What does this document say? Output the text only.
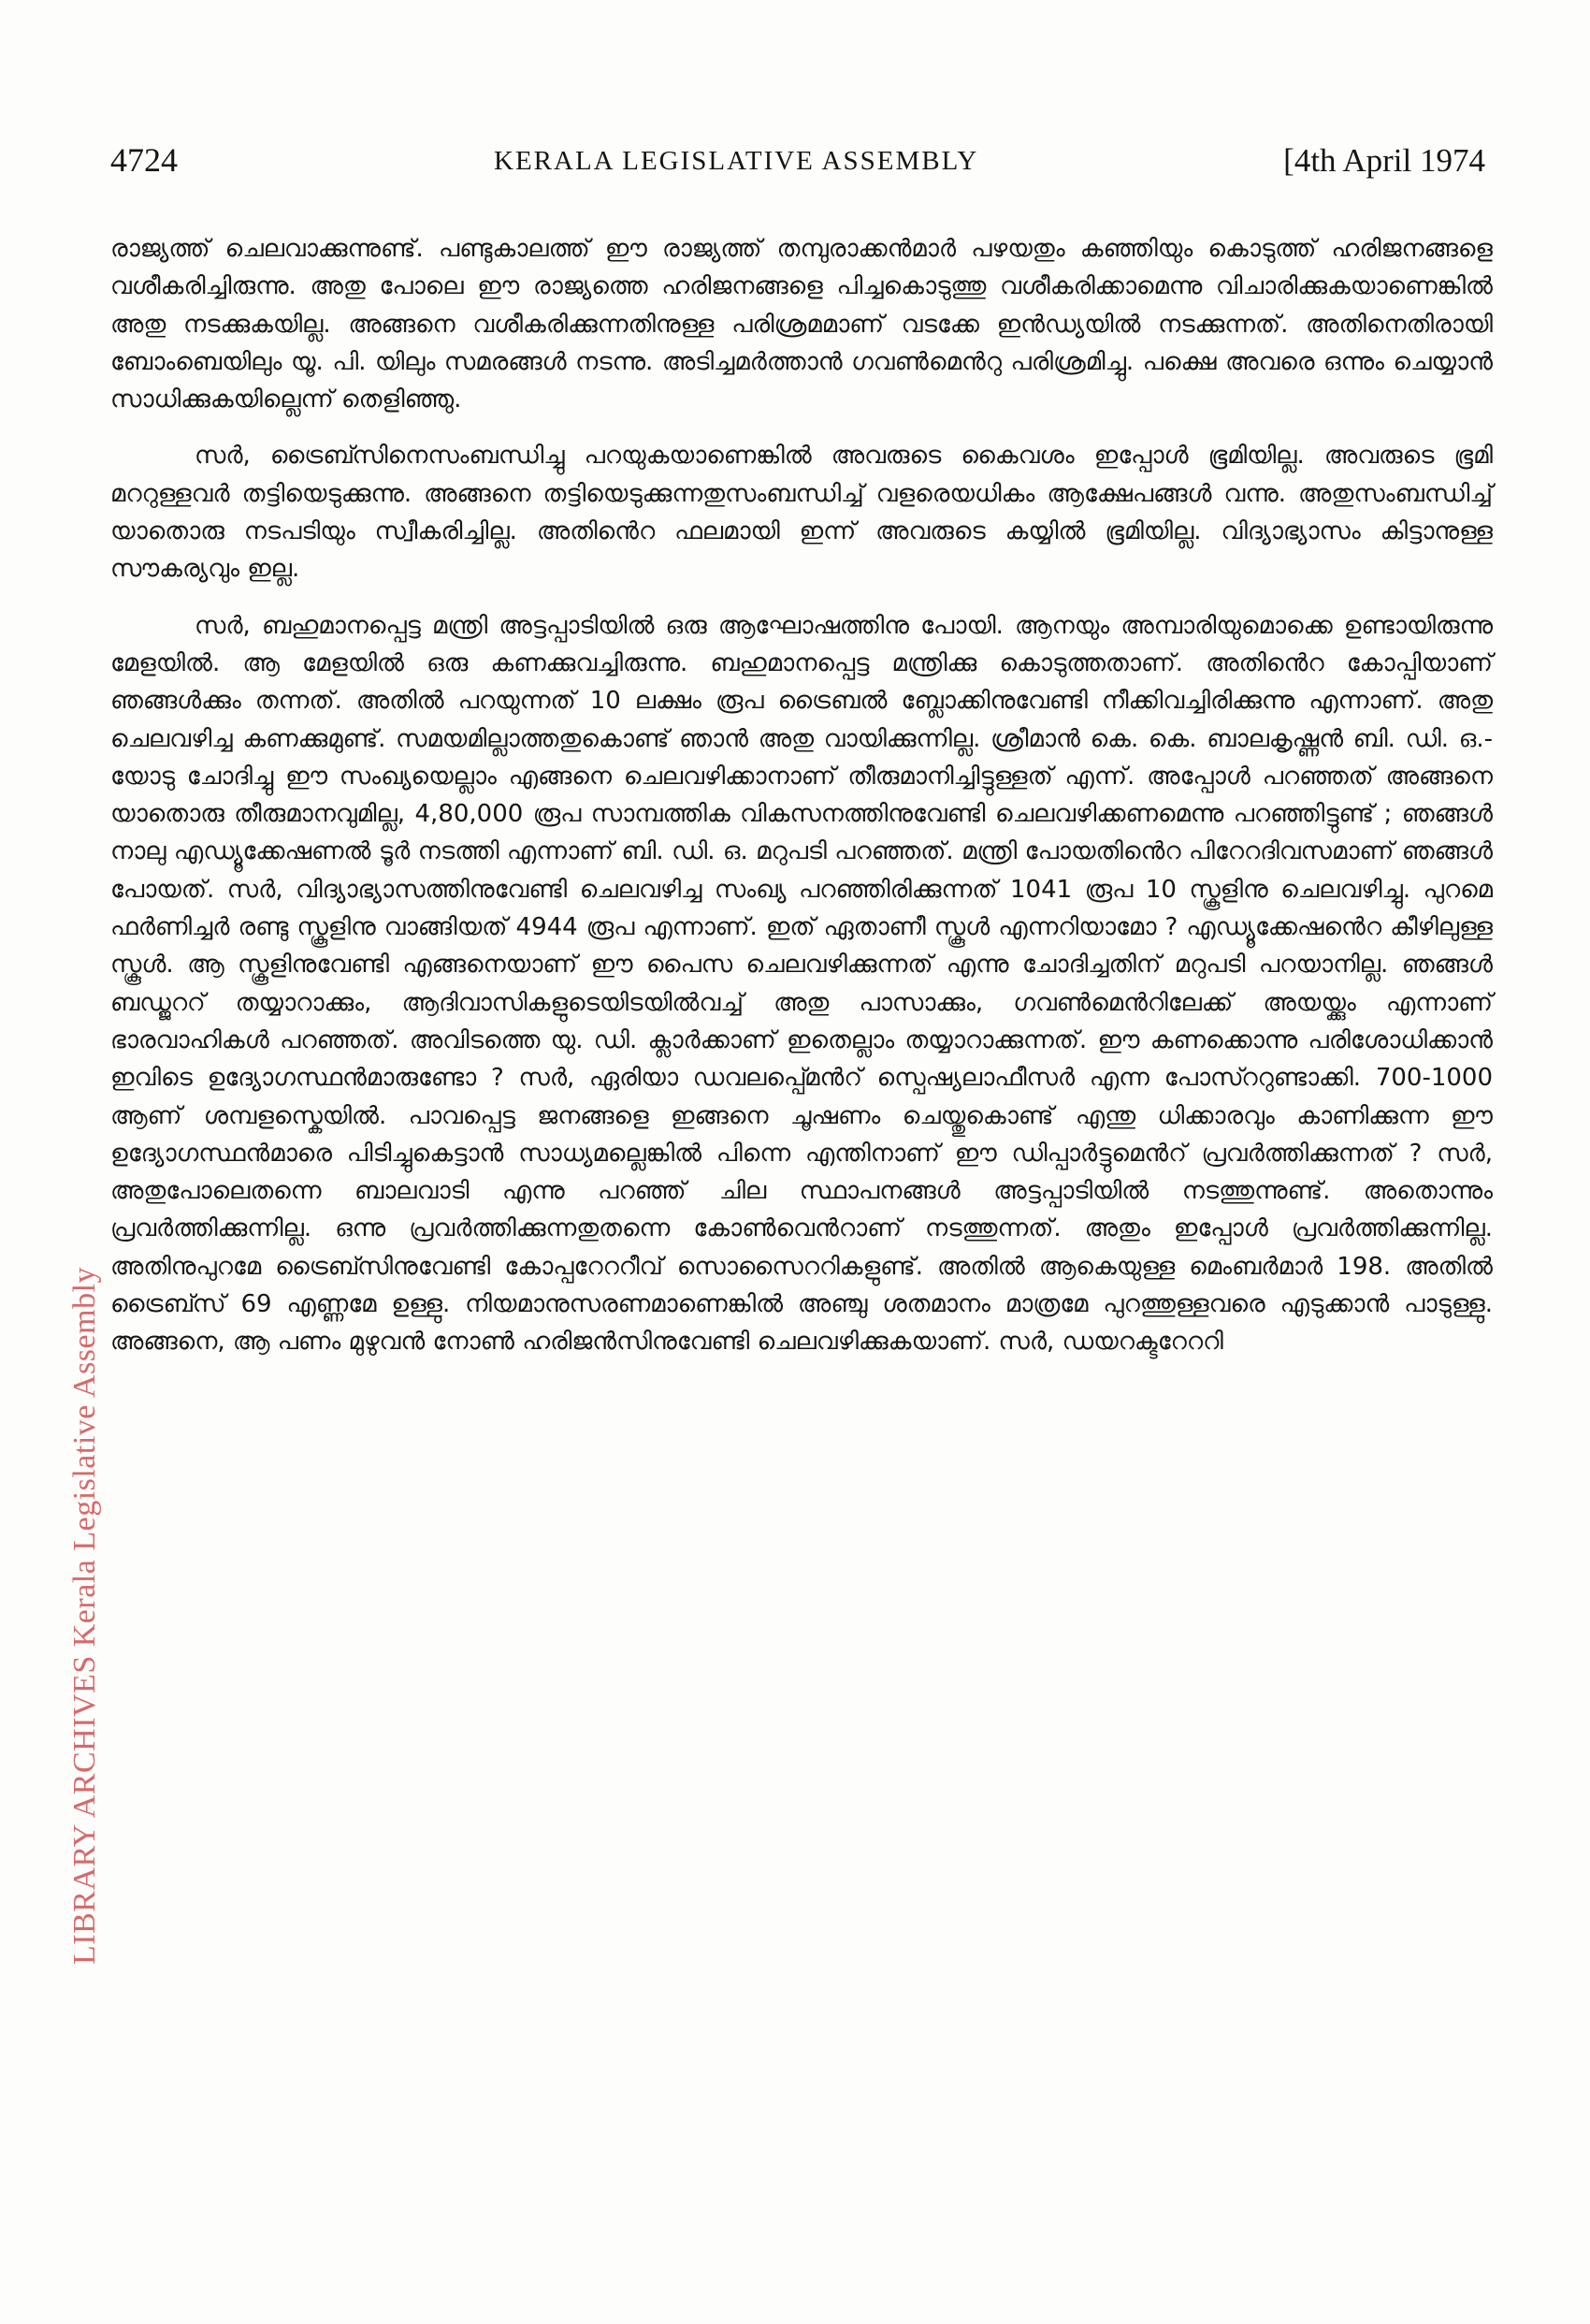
4724	KERALA LEGISLATIVE ASSEMBLY	[4th April 1974
LIBRARY ARCHIVES Kerala Legislative Assembly

രാജ്യത്ത് ചെലവാക്കുന്നുണ്ട്. പണ്ടുകാലത്ത് ഈ രാജ്യത്ത് തമ്പുരാക്കൻമാർ പഴയതും കഞ്ഞിയും കൊടുത്ത് ഹരിജനങ്ങളെ വശീകരിച്ചിരുന്നു. അതു പോലെ ഈ രാജ്യത്തെ ഹരിജനങ്ങളെ പിച്ചകൊടുത്തു വശീകരിക്കാമെന്നു വിചാരിക്കുകയാണെങ്കിൽ അതു നടക്കുകയില്ല. അങ്ങനെ വശീകരിക്കുന്നതിനുള്ള പരിശ്രമമാണ് വടക്കേ ഇൻഡ്യയിൽ നടക്കുന്നത്. അതിനെതിരായി ബോംബെയിലും യൂ. പി. യിലും സമരങ്ങൾ നടന്നു. അടിച്ചമർത്താൻ ഗവൺമെൻറു പരിശ്രമിച്ചു. പക്ഷെ അവരെ ഒന്നും ചെയ്യാൻ സാധിക്കുകയില്ലെന്ന് തെളിഞ്ഞു.

സർ, ട്രൈബ്സിനെസംബന്ധിച്ചു പറയുകയാണെങ്കിൽ അവരുടെ കൈവശം ഇപ്പോൾ ഭൂമിയില്ല. അവരുടെ ഭൂമി മററുള്ളവർ തട്ടിയെടുക്കുന്നു. അങ്ങനെ തട്ടിയെടുക്കുന്നതുസംബന്ധിച്ച് വളരെയധികം ആക്ഷേപങ്ങൾ വന്നു. അതുസംബന്ധിച്ച് യാതൊരു നടപടിയും സ്വീകരിച്ചില്ല. അതിൻെറ ഫലമായി ഇന്ന് അവരുടെ കയ്യിൽ ഭൂമിയില്ല. വിദ്യാഭ്യാസം കിട്ടാനുള്ള സൗകര്യവും ഇല്ല.

സർ, ബഹുമാനപ്പെട്ട മന്ത്രി അട്ടപ്പാടിയിൽ ഒരു ആഘോഷത്തിനു പോയി. ആനയും അമ്പാരിയുമൊക്കെ ഉണ്ടായിരുന്നു മേളയിൽ. ആ മേളയിൽ ഒരു കണക്കുവച്ചിരുന്നു. ബഹുമാനപ്പെട്ട മന്ത്രിക്കു കൊടുത്തതാണ്. അതിൻെറ കോപ്പിയാണ് ഞങ്ങൾക്കും തന്നത്. അതിൽ പറയുന്നത് 10 ലക്ഷം രൂപ ട്രൈബൽ ബ്ലോക്കിനുവേണ്ടി നീക്കിവച്ചിരിക്കുന്നു എന്നാണ്. അതു ചെലവഴിച്ച കണക്കുമുണ്ട്. സമയമില്ലാത്തതുകൊണ്ട് ഞാൻ അതു വായിക്കുന്നില്ല. ശ്രീമാൻ കെ. കെ. ബാലകൃഷ്ണൻ ബി. ഡി. ഒ.-യോടു ചോദിച്ചു ഈ സംഖ്യയെല്ലാം എങ്ങനെ ചെലവഴിക്കാനാണ് തീരുമാനിച്ചിട്ടുള്ളത് എന്ന്. അപ്പോൾ പറഞ്ഞത് അങ്ങനെ യാതൊരു തീരുമാനവുമില്ല, 4,80,000 രൂപ സാമ്പത്തിക വികസനത്തിനുവേണ്ടി ചെലവഴിക്കണമെന്നു പറഞ്ഞിട്ടുണ്ട് ; ഞങ്ങൾ നാലു എഡ്യൂക്കേഷണൽ ടൂർ നടത്തി എന്നാണ് ബി. ഡി. ഒ. മറുപടി പറഞ്ഞത്. മന്ത്രി പോയതിൻെറ പിറേറദിവസമാണ് ഞങ്ങൾ പോയത്. സർ, വിദ്യാഭ്യാസത്തിനുവേണ്ടി ചെലവഴിച്ച സംഖ്യ പറഞ്ഞിരിക്കുന്നത് 1041 രൂപ 10 സ്കൂളിനു ചെലവഴിച്ചു. പുറമെ ഫർണിച്ചർ രണ്ടു സ്കൂളിനു വാങ്ങിയത് 4944 രൂപ എന്നാണ്. ഇത് ഏതാണീ സ്കൂൾ എന്നറിയാമോ ? എഡ്യൂക്കേഷൻെറ കീഴിലുള്ള സ്കൂൾ. ആ സ്കൂളിനുവേണ്ടി എങ്ങനെയാണ് ഈ പൈസ ചെലവഴിക്കുന്നത് എന്നു ചോദിച്ചതിന് മറുപടി പറയാനില്ല. ഞങ്ങൾ ബഡ്ജററ് തയ്യാറാക്കും, ആദിവാസികളുടെയിടയിൽവച്ച് അതു പാസാക്കും, ഗവൺമെൻറിലേക്ക് അയയ്ക്കും എന്നാണ് ഭാരവാഹികൾ പറഞ്ഞത്. അവിടത്തെ യു. ഡി. ക്ലാർക്കാണ് ഇതെല്ലാം തയ്യാറാക്കുന്നത്. ഈ കണക്കൊന്നു പരിശോധിക്കാൻ ഇവിടെ ഉദ്യോഗസ്ഥൻമാരുണ്ടോ ? സർ, ഏരിയാ ഡവലപ്പ്മെൻറ് സ്പെഷ്യലാഫീസർ എന്ന പോസ്ററുണ്ടാക്കി. 700-1000 ആണ് ശമ്പളസ്കെയിൽ. പാവപ്പെട്ട ജനങ്ങളെ ഇങ്ങനെ ചൂഷണം ചെയ്തുകൊണ്ട് എന്തു ധിക്കാരവും കാണിക്കുന്ന ഈ ഉദ്യോഗസ്ഥൻമാരെ പിടിച്ചുകെട്ടാൻ സാധ്യമല്ലെങ്കിൽ പിന്നെ എന്തിനാണ് ഈ ഡിപ്പാർട്ടുമെൻറ് പ്രവർത്തിക്കുന്നത് ? സർ, അതുപോലെതന്നെ ബാലവാടി എന്നു പറഞ്ഞ് ചില സ്ഥാപനങ്ങൾ അട്ടപ്പാടിയിൽ നടത്തുന്നുണ്ട്. അതൊന്നും പ്രവർത്തിക്കുന്നില്ല. ഒന്നു പ്രവർത്തിക്കുന്നതുതന്നെ കോൺവെൻറാണ് നടത്തുന്നത്. അതും ഇപ്പോൾ പ്രവർത്തിക്കുന്നില്ല. അതിനുപുറമേ ട്രൈബ്സിനുവേണ്ടി കോപ്പറേററീവ് സൊസൈററികളുണ്ട്. അതിൽ ആകെയുള്ള മെംബർമാർ 198. അതിൽ ട്രൈബ്സ് 69 എണ്ണമേ ഉള്ളു. നിയമാനുസരണമാണെങ്കിൽ അഞ്ചു ശതമാനം മാത്രമേ പുറത്തുള്ളവരെ എടുക്കാൻ പാടുള്ളു. അങ്ങനെ, ആ പണം മുഴുവൻ നോൺ ഹരിജൻസിനുവേണ്ടി ചെലവഴിക്കുകയാണ്. സർ, ഡയറക്ടറേററി
